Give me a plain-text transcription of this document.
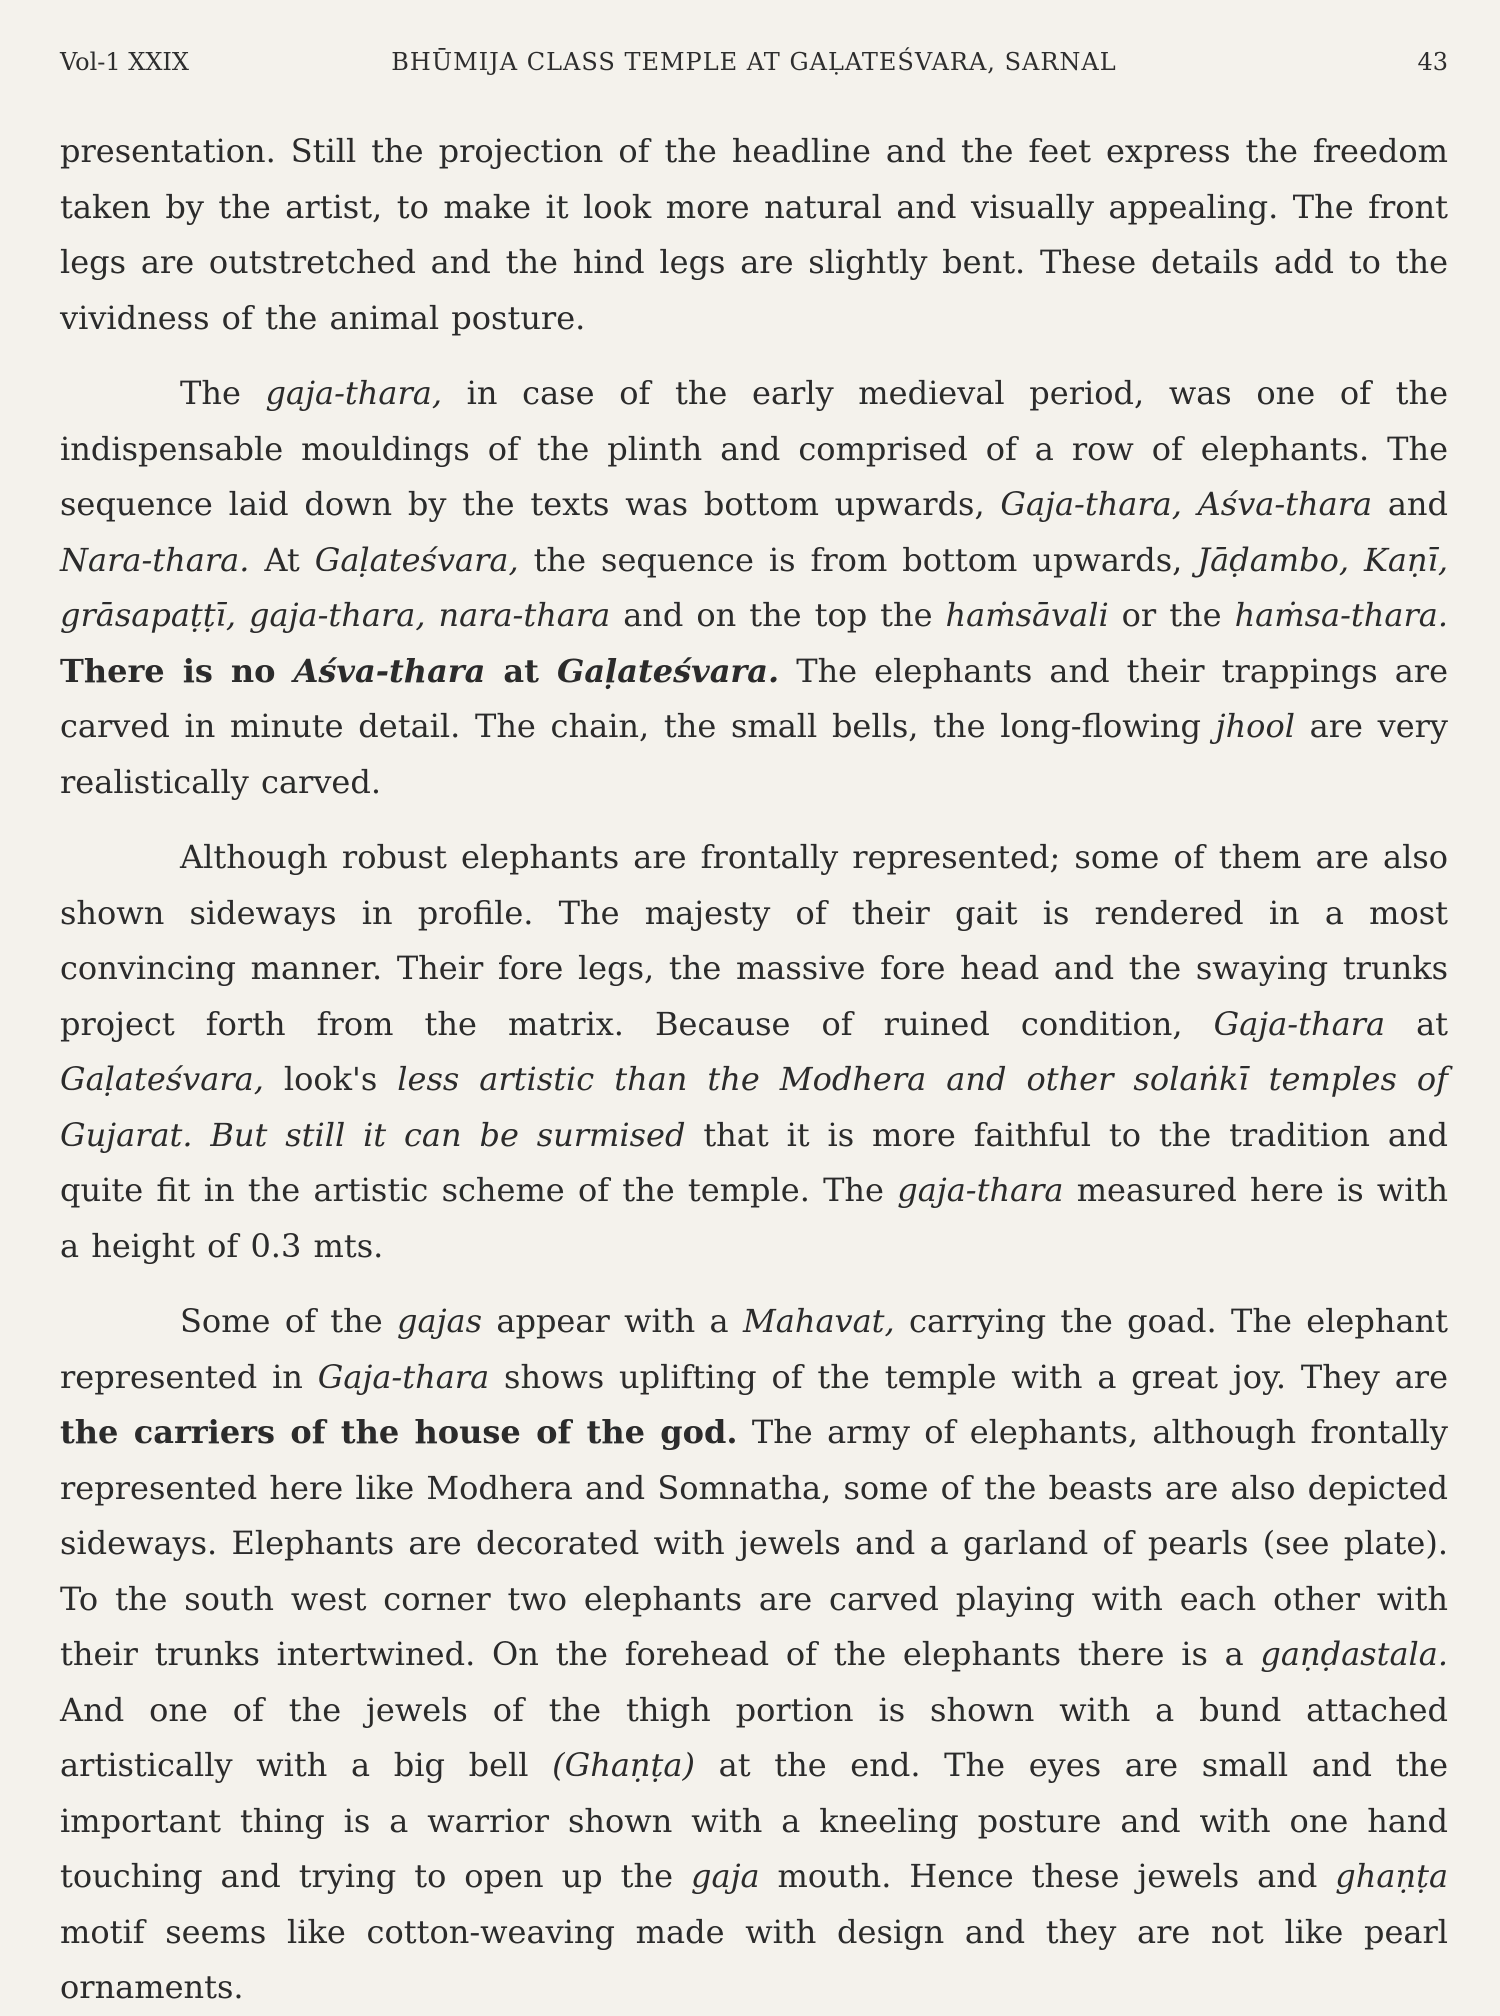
Vol-1 XXIX	BHŪMIJA CLASS TEMPLE AT GAḶATEŚVARA, SARNAL	43

presentation. Still the projection of the headline and the feet express the freedom taken by the artist, to make it look more natural and visually appealing. The front legs are outstretched and the hind legs are slightly bent. These details add to the vividness of the animal posture.

The gaja-thara, in case of the early medieval period, was one of the indispensable mouldings of the plinth and comprised of a row of elephants. The sequence laid down by the texts was bottom upwards, Gaja-thara, Aśva-thara and Nara-thara. At Gaḷateśvara, the sequence is from bottom upwards, Jāḍambo, Kaṇī, grāsapaṭṭī, gaja-thara, nara-thara and on the top the haṁsāvali or the haṁsa-thara. There is no Aśva-thara at Gaḷateśvara. The elephants and their trappings are carved in minute detail. The chain, the small bells, the long-flowing jhool are very realistically carved.

Although robust elephants are frontally represented; some of them are also shown sideways in profile. The majesty of their gait is rendered in a most convincing manner. Their fore legs, the massive fore head and the swaying trunks project forth from the matrix. Because of ruined condition, Gaja-thara at Gaḷateśvara, look's less artistic than the Modhera and other solaṅkī temples of Gujarat. But still it can be surmised that it is more faithful to the tradition and quite fit in the artistic scheme of the temple. The gaja-thara measured here is with a height of 0.3 mts.

Some of the gajas appear with a Mahavat, carrying the goad. The elephant represented in Gaja-thara shows uplifting of the temple with a great joy. They are the carriers of the house of the god. The army of elephants, although frontally represented here like Modhera and Somnatha, some of the beasts are also depicted sideways. Elephants are decorated with jewels and a garland of pearls (see plate). To the south west corner two elephants are carved playing with each other with their trunks intertwined. On the forehead of the elephants there is a gaṇḍastala. And one of the jewels of the thigh portion is shown with a bund attached artistically with a big bell (Ghaṇṭa) at the end. The eyes are small and the important thing is a warrior shown with a kneeling posture and with one hand touching and trying to open up the gaja mouth. Hence these jewels and ghaṇṭa motif seems like cotton-weaving made with design and they are not like pearl ornaments.
